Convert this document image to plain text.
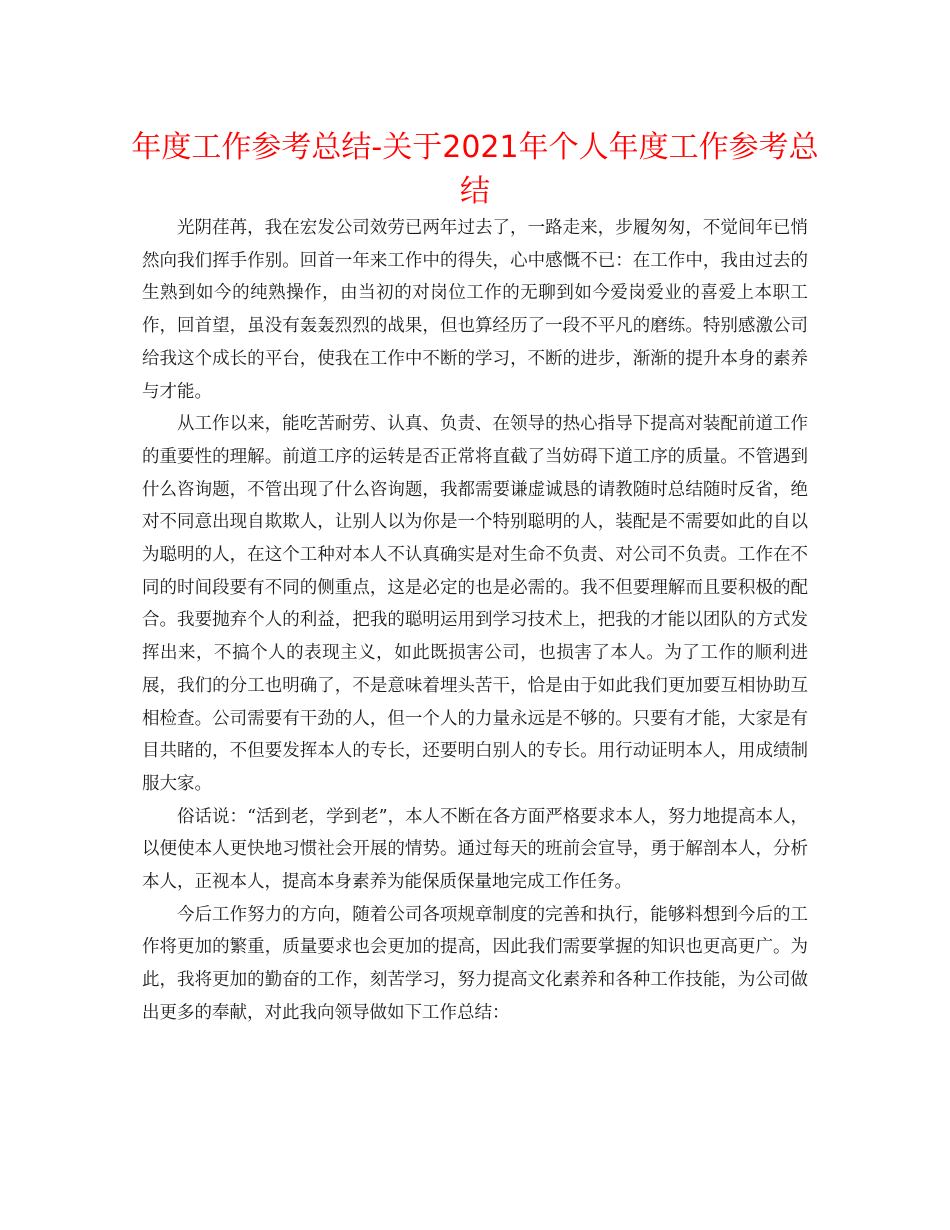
年度工作参考总结-关于2021年个人年度工作参考总结

光阴荏苒，我在宏发公司效劳已两年过去了，一路走来，步履匆匆，不觉间年已悄然向我们挥手作别。回首一年来工作中的得失，心中感慨不已：在工作中，我由过去的生熟到如今的纯熟操作，由当初的对岗位工作的无聊到如今爱岗爱业的喜爱上本职工作，回首望，虽没有轰轰烈烈的战果，但也算经历了一段不平凡的磨练。特别感激公司给我这个成长的平台，使我在工作中不断的学习，不断的进步，渐渐的提升本身的素养与才能。

从工作以来，能吃苦耐劳、认真、负责、在领导的热心指导下提高对装配前道工作的重要性的理解。前道工序的运转是否正常将直截了当妨碍下道工序的质量。不管遇到什么咨询题，不管出现了什么咨询题，我都需要谦虚诚恳的请教随时总结随时反省，绝对不同意出现自欺欺人，让别人以为你是一个特别聪明的人，装配是不需要如此的自以为聪明的人，在这个工种对本人不认真确实是对生命不负责、对公司不负责。工作在不同的时间段要有不同的侧重点，这是必定的也是必需的。我不但要理解而且要积极的配合。我要抛弃个人的利益，把我的聪明运用到学习技术上，把我的才能以团队的方式发挥出来，不搞个人的表现主义，如此既损害公司，也损害了本人。为了工作的顺利进展，我们的分工也明确了，不是意味着埋头苦干，恰是由于如此我们更加要互相协助互相检查。公司需要有干劲的人，但一个人的力量永远是不够的。只要有才能，大家是有目共睹的，不但要发挥本人的专长，还要明白别人的专长。用行动证明本人，用成绩制服大家。

俗话说：“活到老，学到老”，本人不断在各方面严格要求本人，努力地提高本人，以便使本人更快地习惯社会开展的情势。通过每天的班前会宣导，勇于解剖本人，分析本人，正视本人，提高本身素养为能保质保量地完成工作任务。

今后工作努力的方向，随着公司各项规章制度的完善和执行，能够料想到今后的工作将更加的繁重，质量要求也会更加的提高，因此我们需要掌握的知识也更高更广。为此，我将更加的勤奋的工作，刻苦学习，努力提高文化素养和各种工作技能，为公司做出更多的奉献，对此我向领导做如下工作总结：
